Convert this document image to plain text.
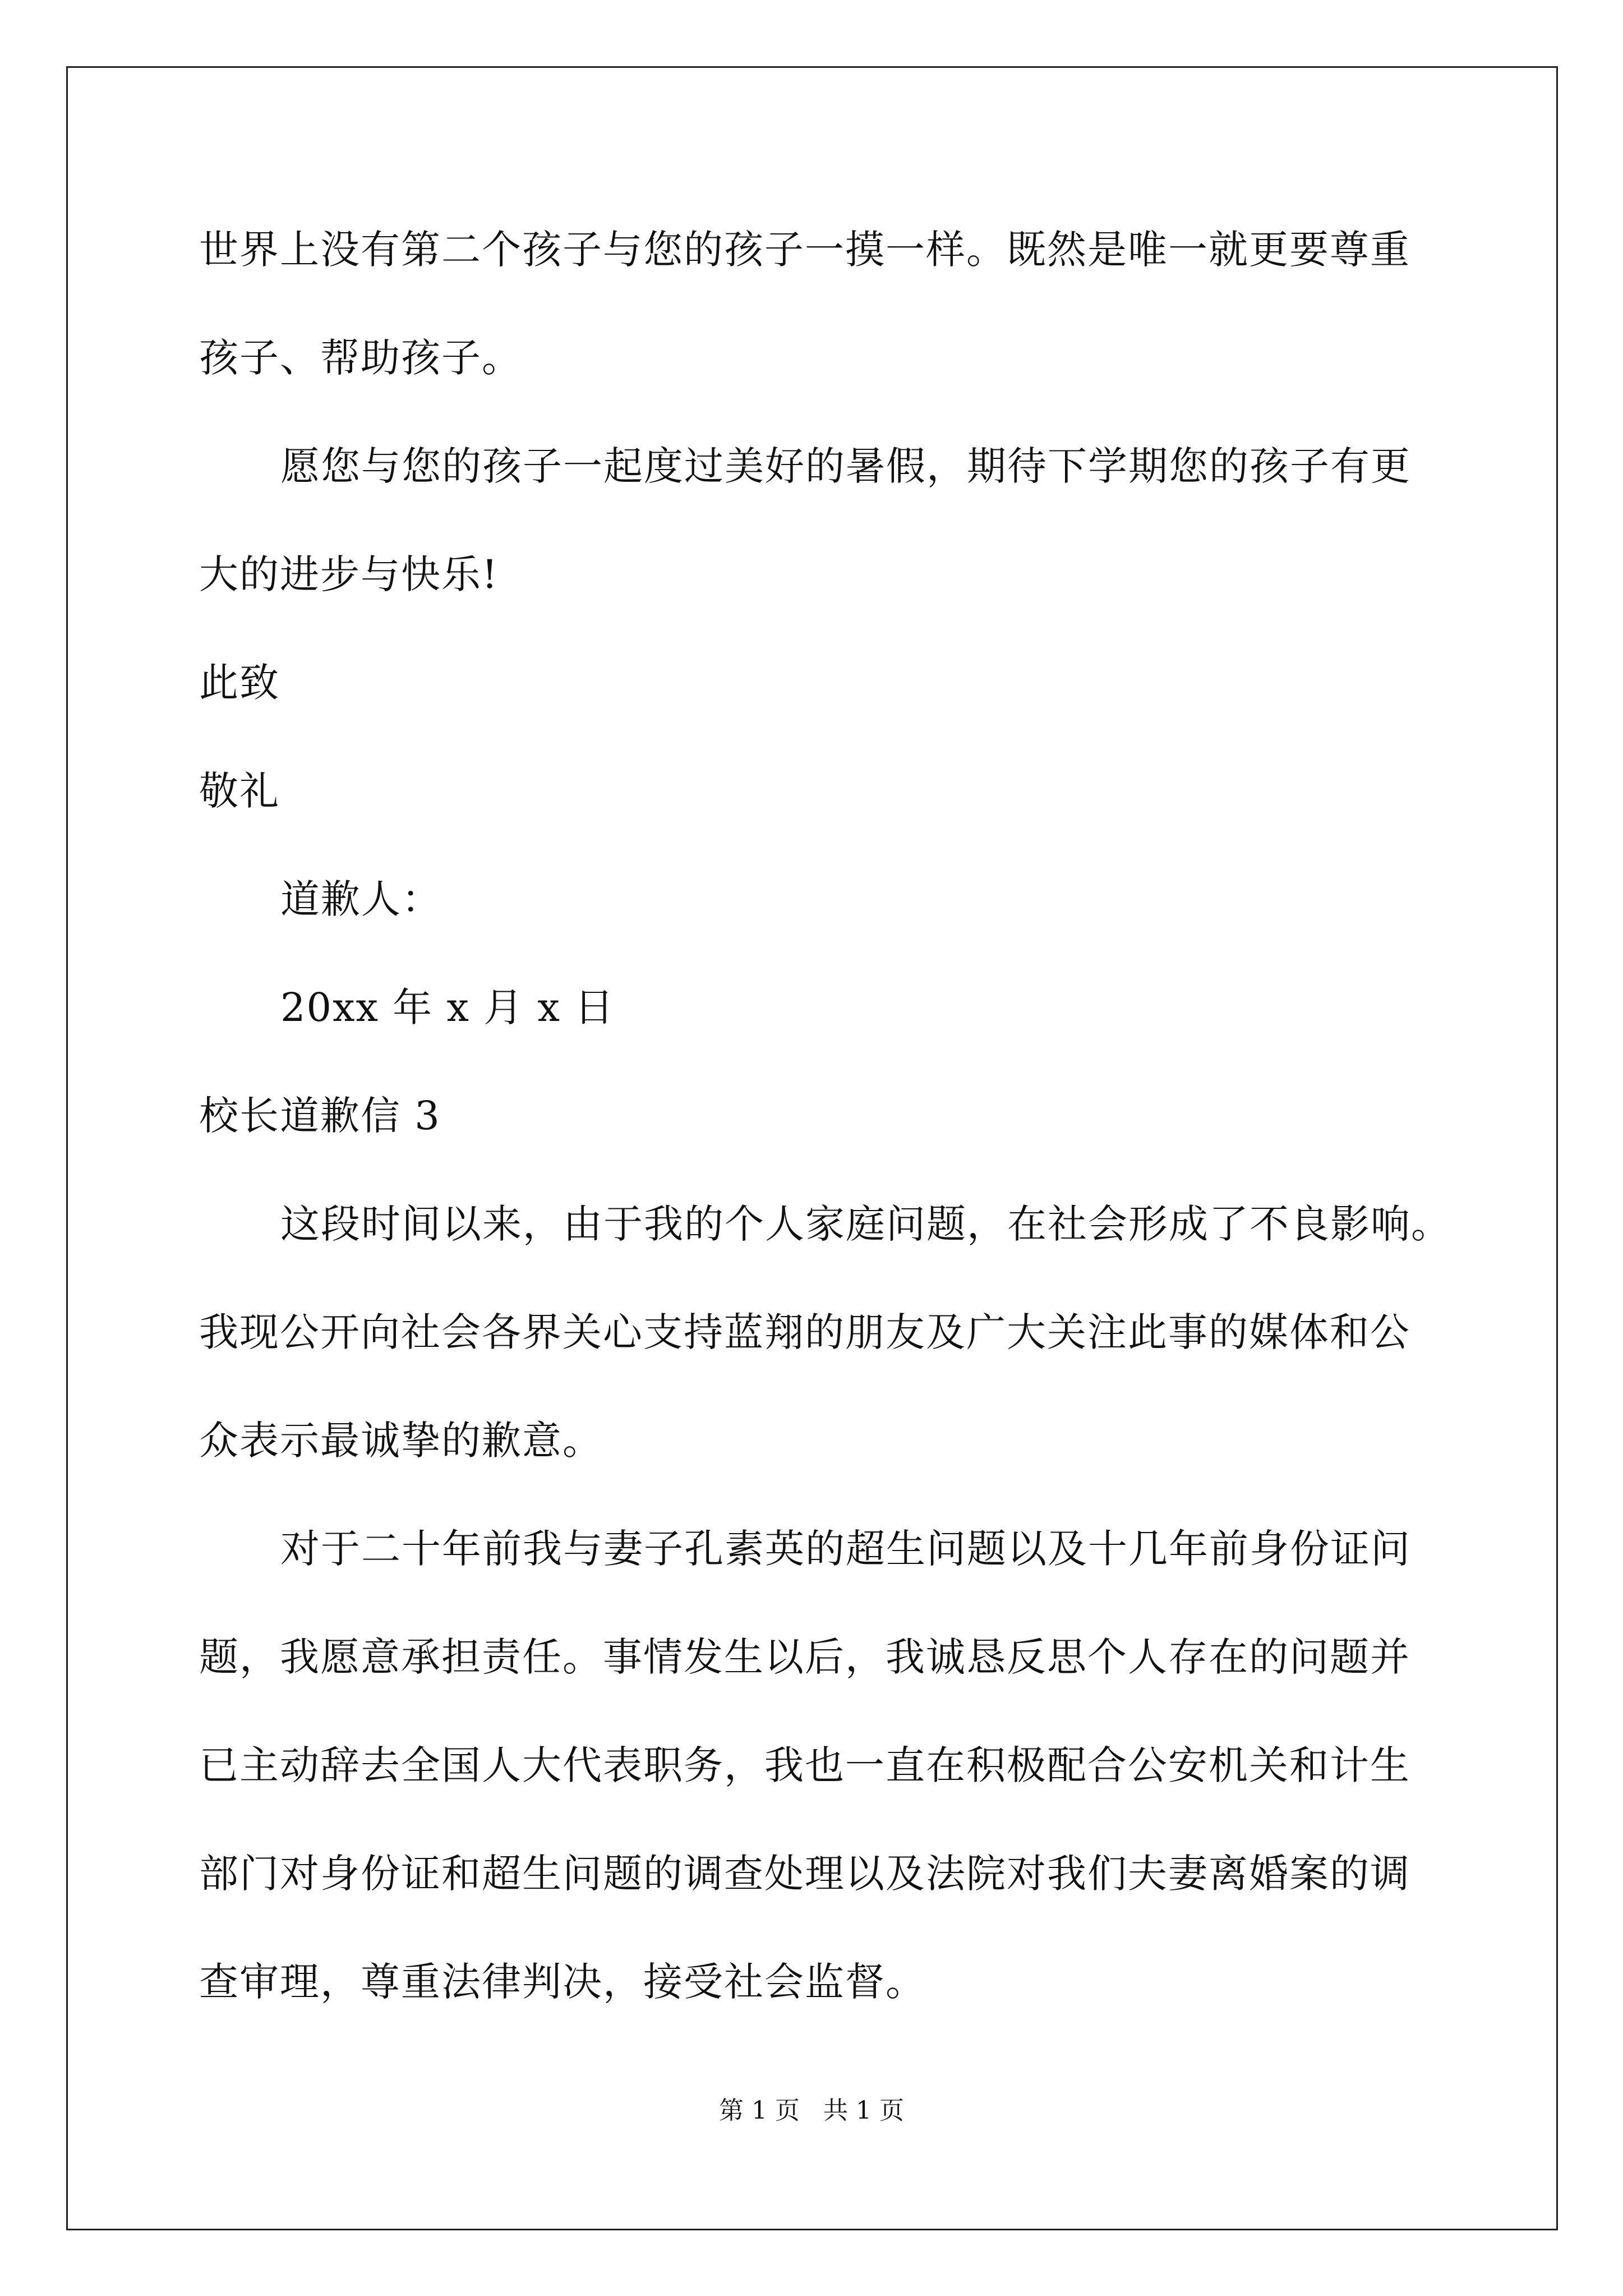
世界上没有第二个孩子与您的孩子一摸一样。既然是唯一就更要尊重
孩子、帮助孩子。
愿您与您的孩子一起度过美好的暑假，期待下学期您的孩子有更
大的进步与快乐!
此致
敬礼
道歉人：
20xx 年 x 月 x 日
校长道歉信 3
这段时间以来，由于我的个人家庭问题，在社会形成了不良影响。
我现公开向社会各界关心支持蓝翔的朋友及广大关注此事的媒体和公
众表示最诚挚的歉意。
对于二十年前我与妻子孔素英的超生问题以及十几年前身份证问
题，我愿意承担责任。事情发生以后，我诚恳反思个人存在的问题并
已主动辞去全国人大代表职务，我也一直在积极配合公安机关和计生
部门对身份证和超生问题的调查处理以及法院对我们夫妻离婚案的调
查审理，尊重法律判决，接受社会监督。
第 1 页   共 1 页
